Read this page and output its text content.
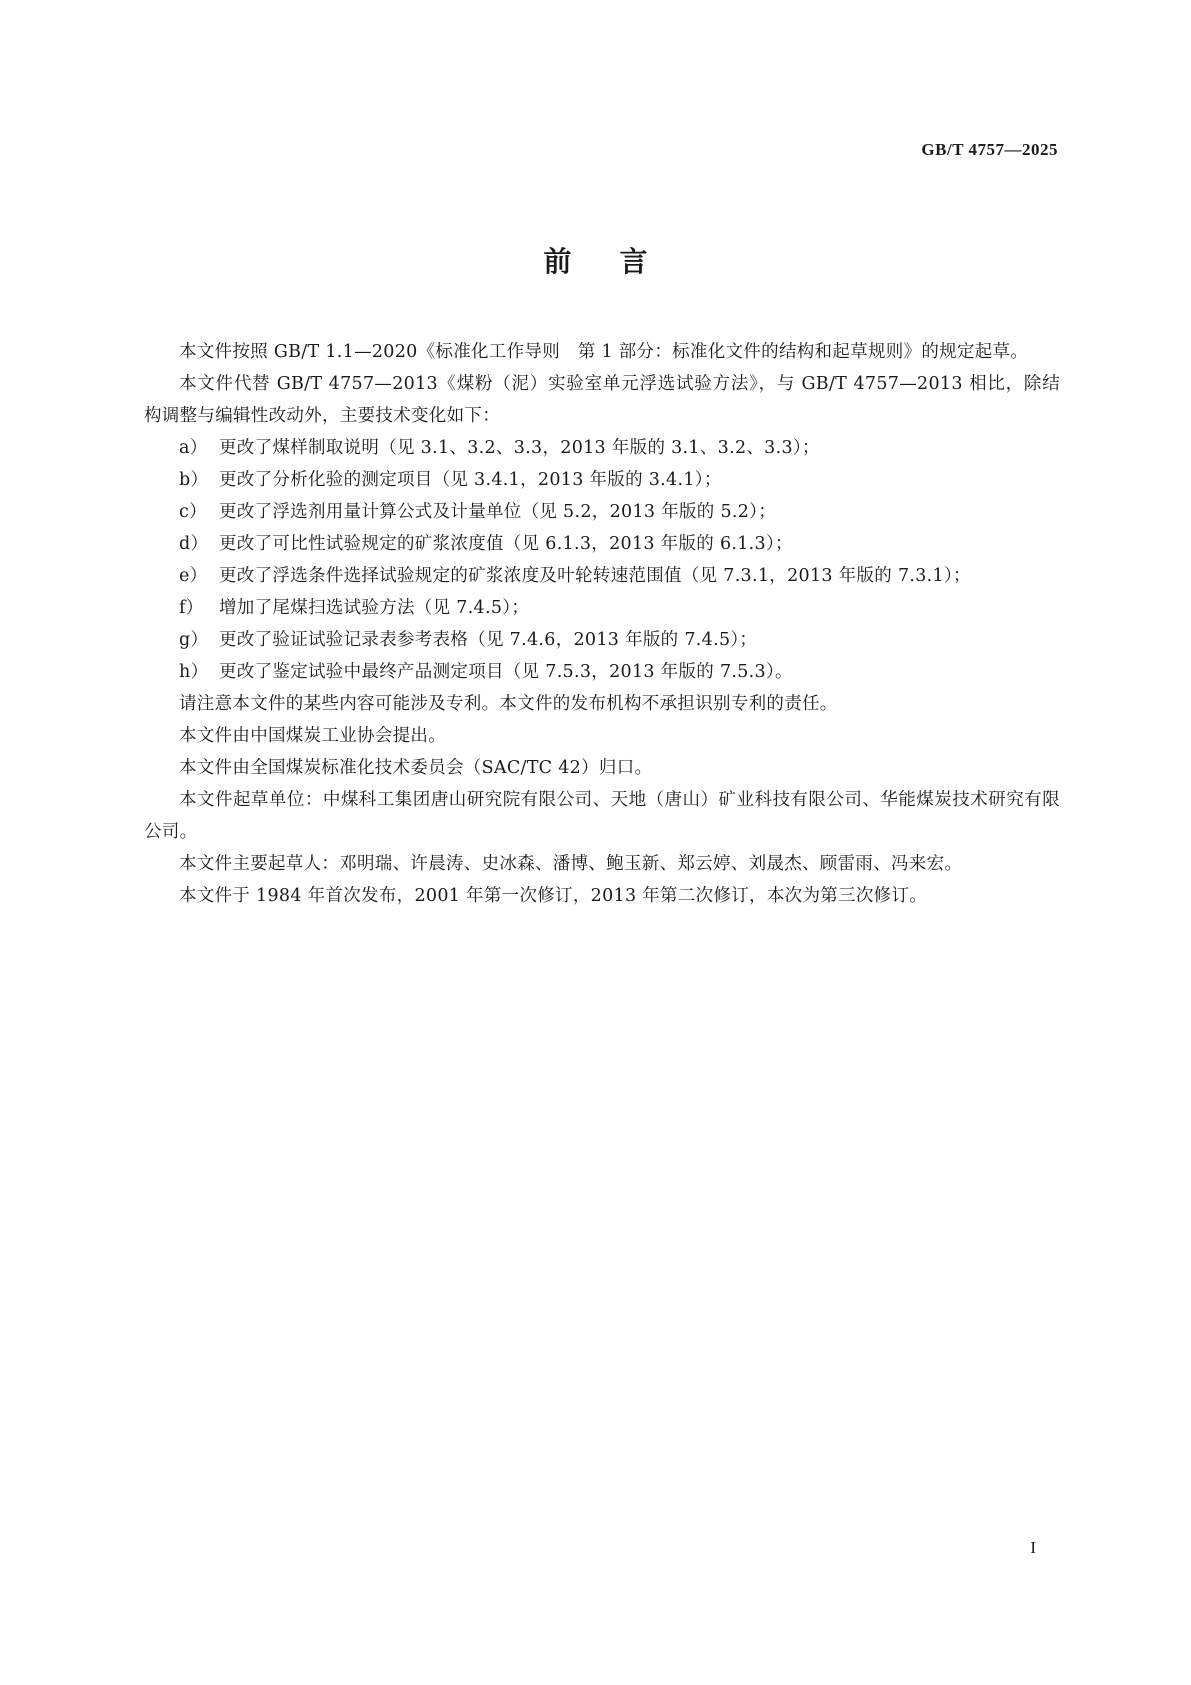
GB/T 4757—2025
前言

本文件按照 GB/T 1.1—2020《标准化工作导则　第 1 部分：标准化文件的结构和起草规则》的规定起草。

本文件代替 GB/T 4757—2013《煤粉（泥）实验室单元浮选试验方法》，与 GB/T 4757—2013 相比，除结构调整与编辑性改动外，主要技术变化如下：

a） 更改了煤样制取说明（见 3.1、3.2、3.3，2013 年版的 3.1、3.2、3.3）；
b） 更改了分析化验的测定项目（见 3.4.1，2013 年版的 3.4.1）；
c） 更改了浮选剂用量计算公式及计量单位（见 5.2，2013 年版的 5.2）；
d） 更改了可比性试验规定的矿浆浓度值（见 6.1.3，2013 年版的 6.1.3）；
e） 更改了浮选条件选择试验规定的矿浆浓度及叶轮转速范围值（见 7.3.1，2013 年版的 7.3.1）；
f） 增加了尾煤扫选试验方法（见 7.4.5）；
g） 更改了验证试验记录表参考表格（见 7.4.6，2013 年版的 7.4.5）；
h） 更改了鉴定试验中最终产品测定项目（见 7.5.3，2013 年版的 7.5.3）。

请注意本文件的某些内容可能涉及专利。本文件的发布机构不承担识别专利的责任。

本文件由中国煤炭工业协会提出。

本文件由全国煤炭标准化技术委员会（SAC/TC 42）归口。

本文件起草单位：中煤科工集团唐山研究院有限公司、天地（唐山）矿业科技有限公司、华能煤炭技术研究有限公司。

本文件主要起草人：邓明瑞、许晨涛、史冰森、潘博、鲍玉新、郑云婷、刘晟杰、顾雷雨、冯来宏。

本文件于 1984 年首次发布，2001 年第一次修订，2013 年第二次修订，本次为第三次修订。

I
